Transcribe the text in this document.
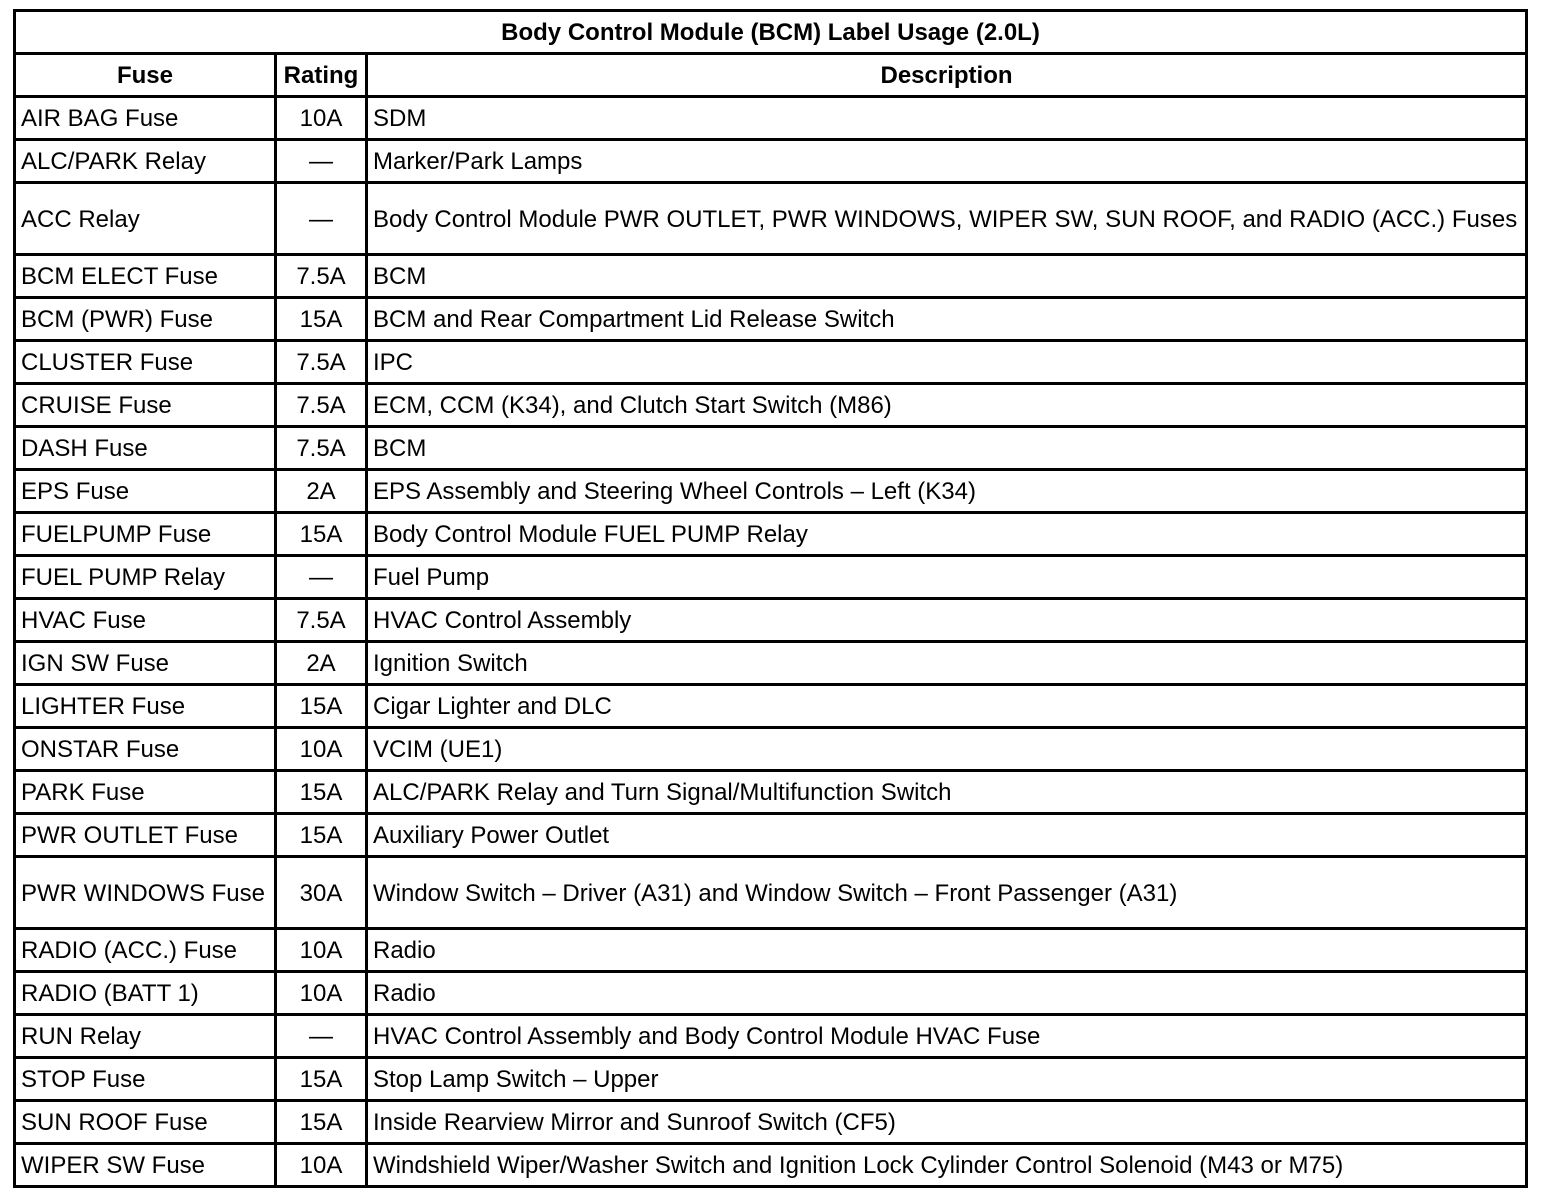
Body Control Module (BCM) Label Usage (2.0L)		
Fuse	Rating	Description
AIR BAG Fuse	10A	SDM
ALC/PARK Relay	—	Marker/Park Lamps
ACC Relay	—	Body Control Module PWR OUTLET, PWR WINDOWS, WIPER SW, SUN ROOF, and RADIO (ACC.) Fuses
BCM ELECT Fuse	7.5A	BCM
BCM (PWR) Fuse	15A	BCM and Rear Compartment Lid Release Switch
CLUSTER Fuse	7.5A	IPC
CRUISE Fuse	7.5A	ECM, CCM (K34), and Clutch Start Switch (M86)
DASH Fuse	7.5A	BCM
EPS Fuse	2A	EPS Assembly and Steering Wheel Controls – Left (K34)
FUELPUMP Fuse	15A	Body Control Module FUEL PUMP Relay
FUEL PUMP Relay	—	Fuel Pump
HVAC Fuse	7.5A	HVAC Control Assembly
IGN SW Fuse	2A	Ignition Switch
LIGHTER Fuse	15A	Cigar Lighter and DLC
ONSTAR Fuse	10A	VCIM (UE1)
PARK Fuse	15A	ALC/PARK Relay and Turn Signal/Multifunction Switch
PWR OUTLET Fuse	15A	Auxiliary Power Outlet
PWR WINDOWS Fuse	30A	Window Switch – Driver (A31) and Window Switch – Front Passenger (A31)
RADIO (ACC.) Fuse	10A	Radio
RADIO (BATT 1)	10A	Radio
RUN Relay	—	HVAC Control Assembly and Body Control Module HVAC Fuse
STOP Fuse	15A	Stop Lamp Switch – Upper
SUN ROOF Fuse	15A	Inside Rearview Mirror and Sunroof Switch (CF5)
WIPER SW Fuse	10A	Windshield Wiper/Washer Switch and Ignition Lock Cylinder Control Solenoid (M43 or M75)
